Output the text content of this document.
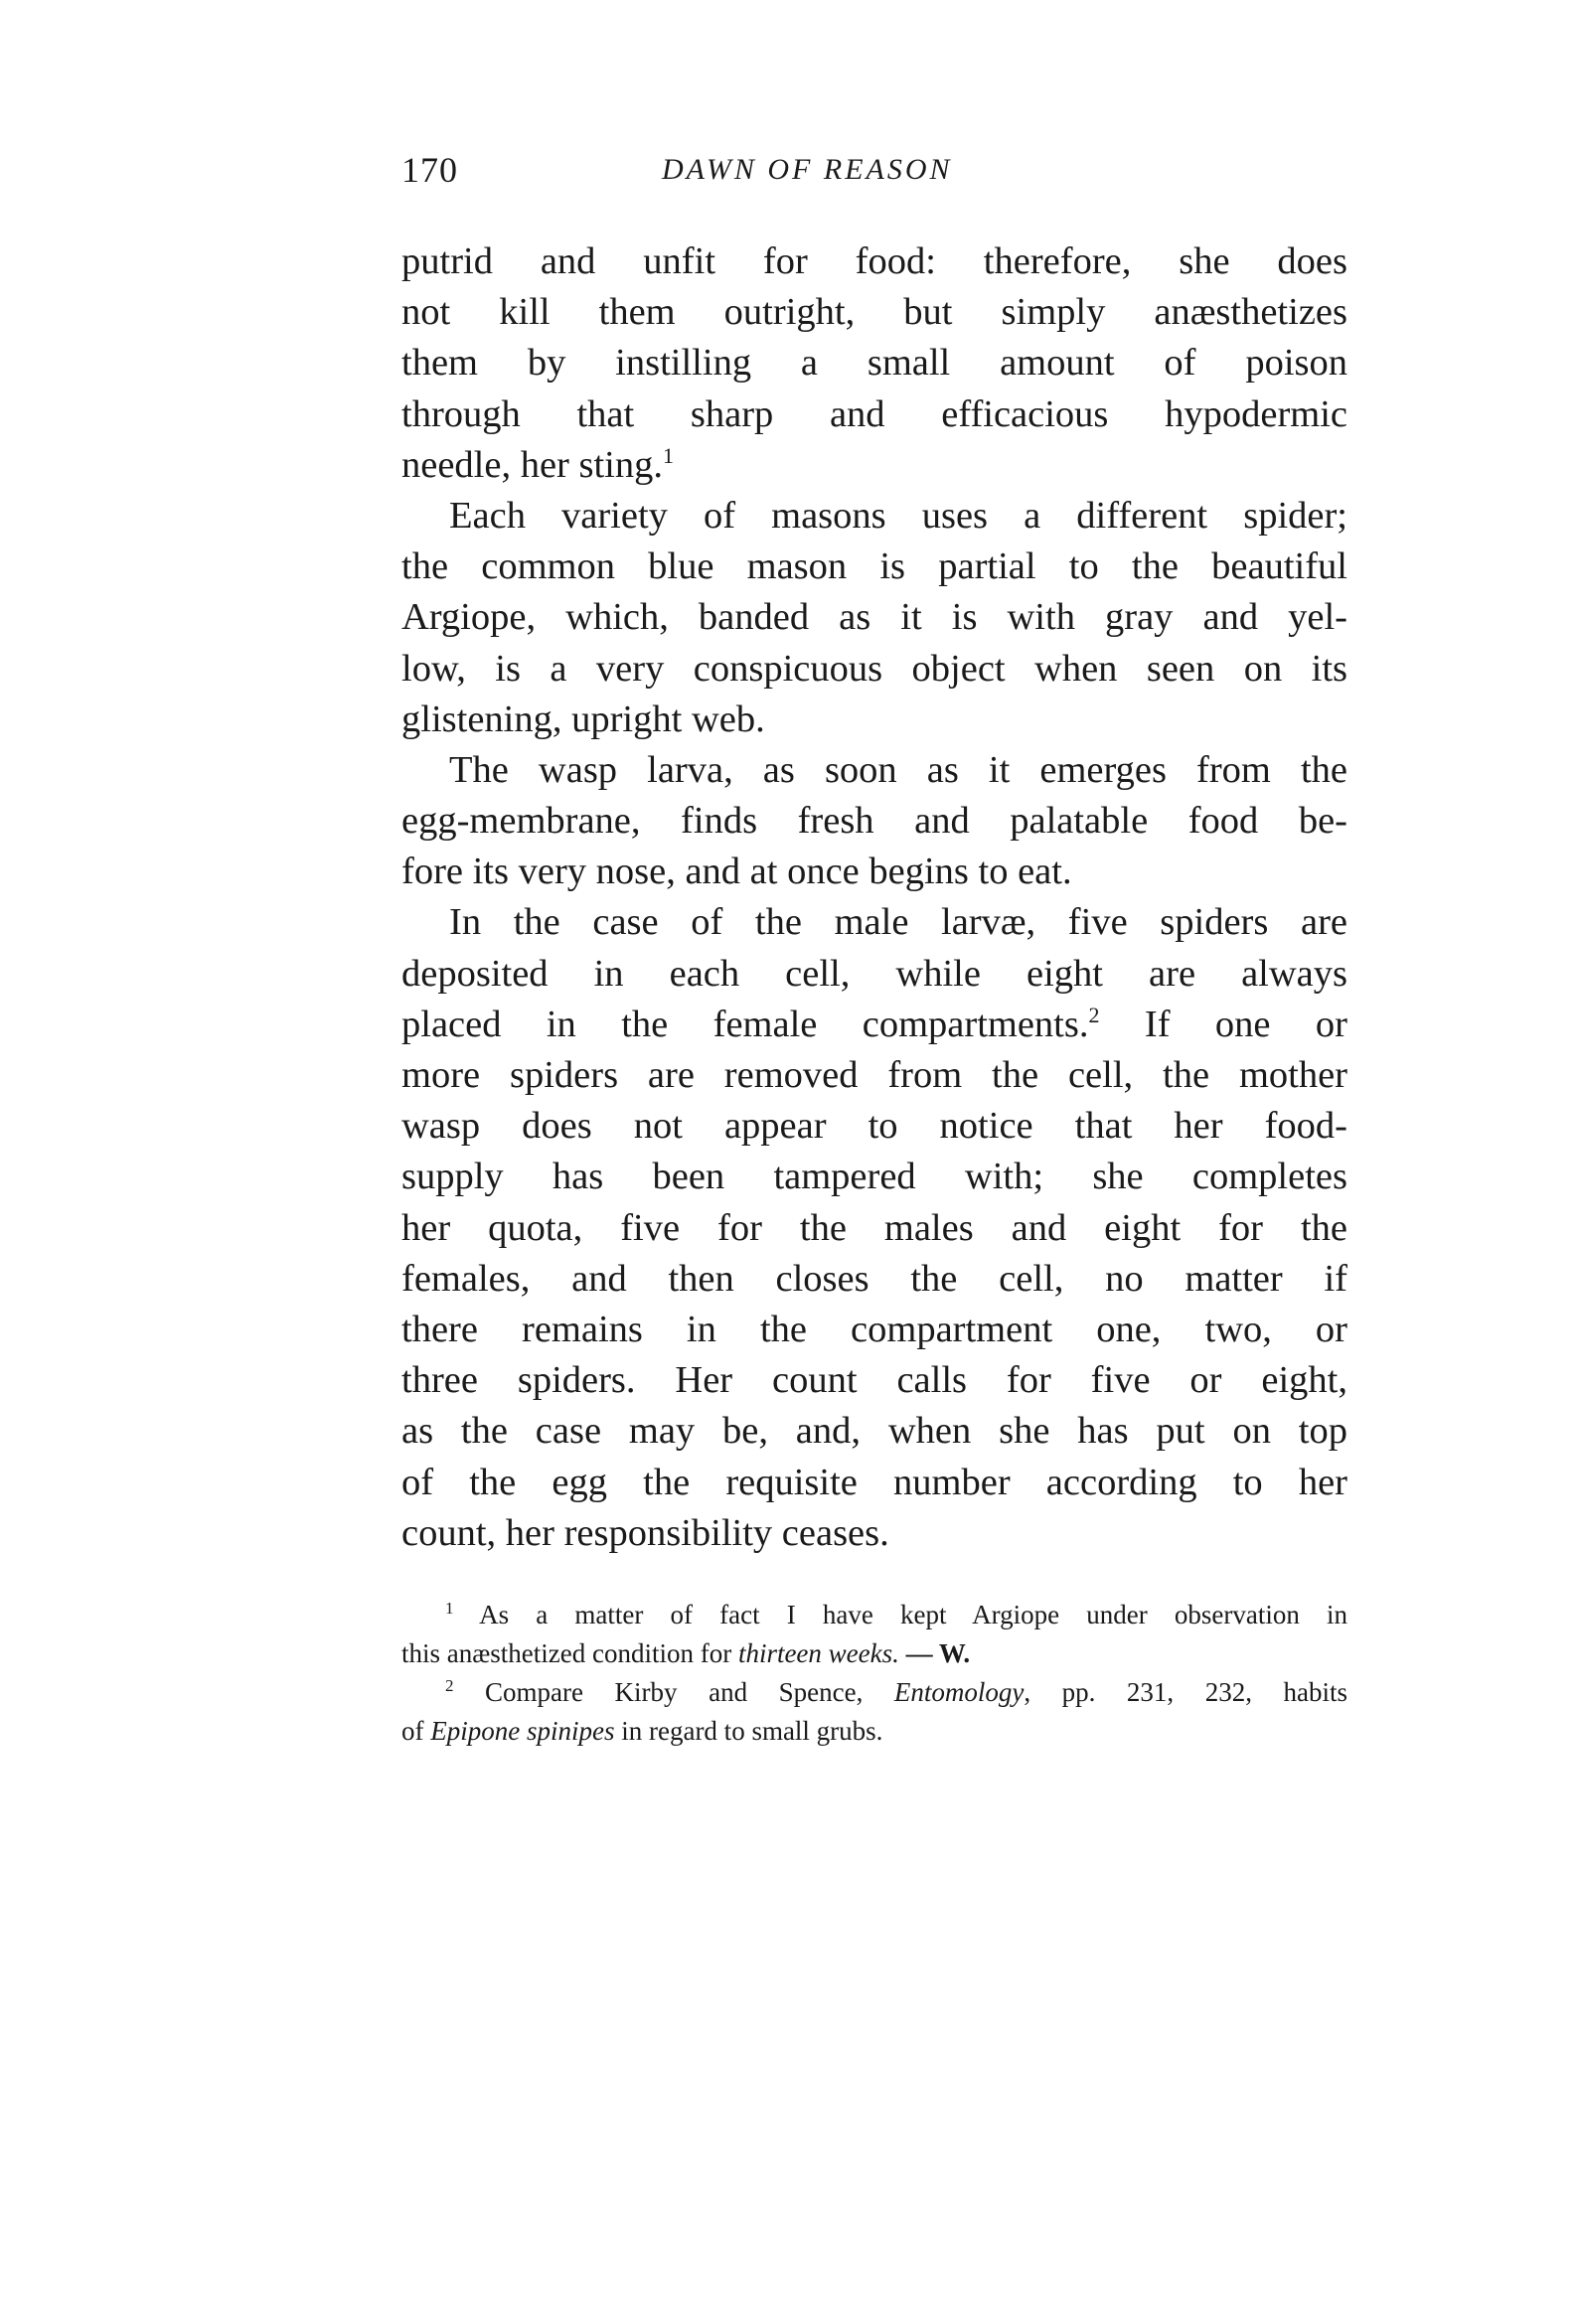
170	DAWN OF REASON
putrid and unfit for food: therefore, she does
not kill them outright, but simply anæsthetizes
them by instilling a small amount of poison
through that sharp and efficacious hypodermic
needle, her sting.$^1$
Each variety of masons uses a different spider;
the common blue mason is partial to the beautiful
Argiope, which, banded as it is with gray and yel-
low, is a very conspicuous object when seen on its
glistening, upright web.
The wasp larva, as soon as it emerges from the
egg-membrane, finds fresh and palatable food be-
fore its very nose, and at once begins to eat.
In the case of the male larvæ, five spiders are
deposited in each cell, while eight are always
placed in the female compartments.$^2$ If one or
more spiders are removed from the cell, the mother
wasp does not appear to notice that her food-
supply has been tampered with; she completes
her quota, five for the males and eight for the
females, and then closes the cell, no matter if
there remains in the compartment one, two, or
three spiders. Her count calls for five or eight,
as the case may be, and, when she has put on top
of the egg the requisite number according to her
count, her responsibility ceases.
$^1$ As a matter of fact I have kept Argiope under observation in
this anæsthetized condition for thirteen weeks. — W.
$^2$ Compare Kirby and Spence, Entomology, pp. 231, 232, habits
of Epipone spinipes in regard to small grubs.
